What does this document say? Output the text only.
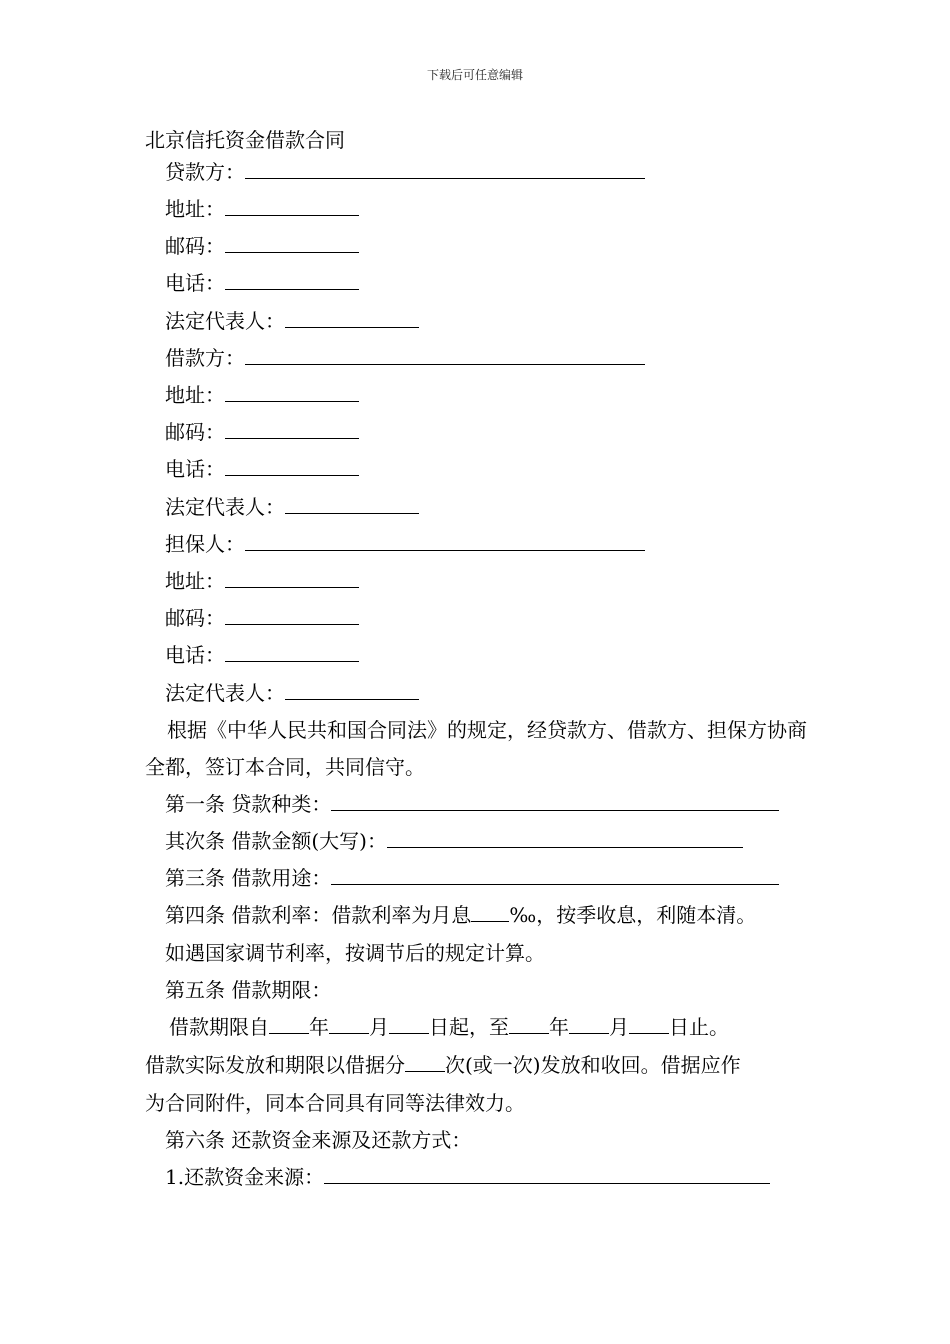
下载后可任意编辑
北京信托资金借款合同
贷款方：
地址：
邮码：
电话：
法定代表人：
借款方：
地址：
邮码：
电话：
法定代表人：
担保人：
地址：
邮码：
电话：
法定代表人：
根据《中华人民共和国合同法》的规定，经贷款方、借款方、担保方协商全都，签订本合同，共同信守。
第一条 贷款种类：
其次条 借款金额(大写)：
第三条 借款用途：
第四条 借款利率：借款利率为月息 ‰，按季收息，利随本清。
如遇国家调节利率，按调节后的规定计算。
第五条 借款期限：
借款期限自 年 月 日起，至 年 月 日止。
借款实际发放和期限以借据分 次(或一次)发放和收回。借据应作
为合同附件，同本合同具有同等法律效力。
第六条 还款资金来源及还款方式：
1.还款资金来源：
